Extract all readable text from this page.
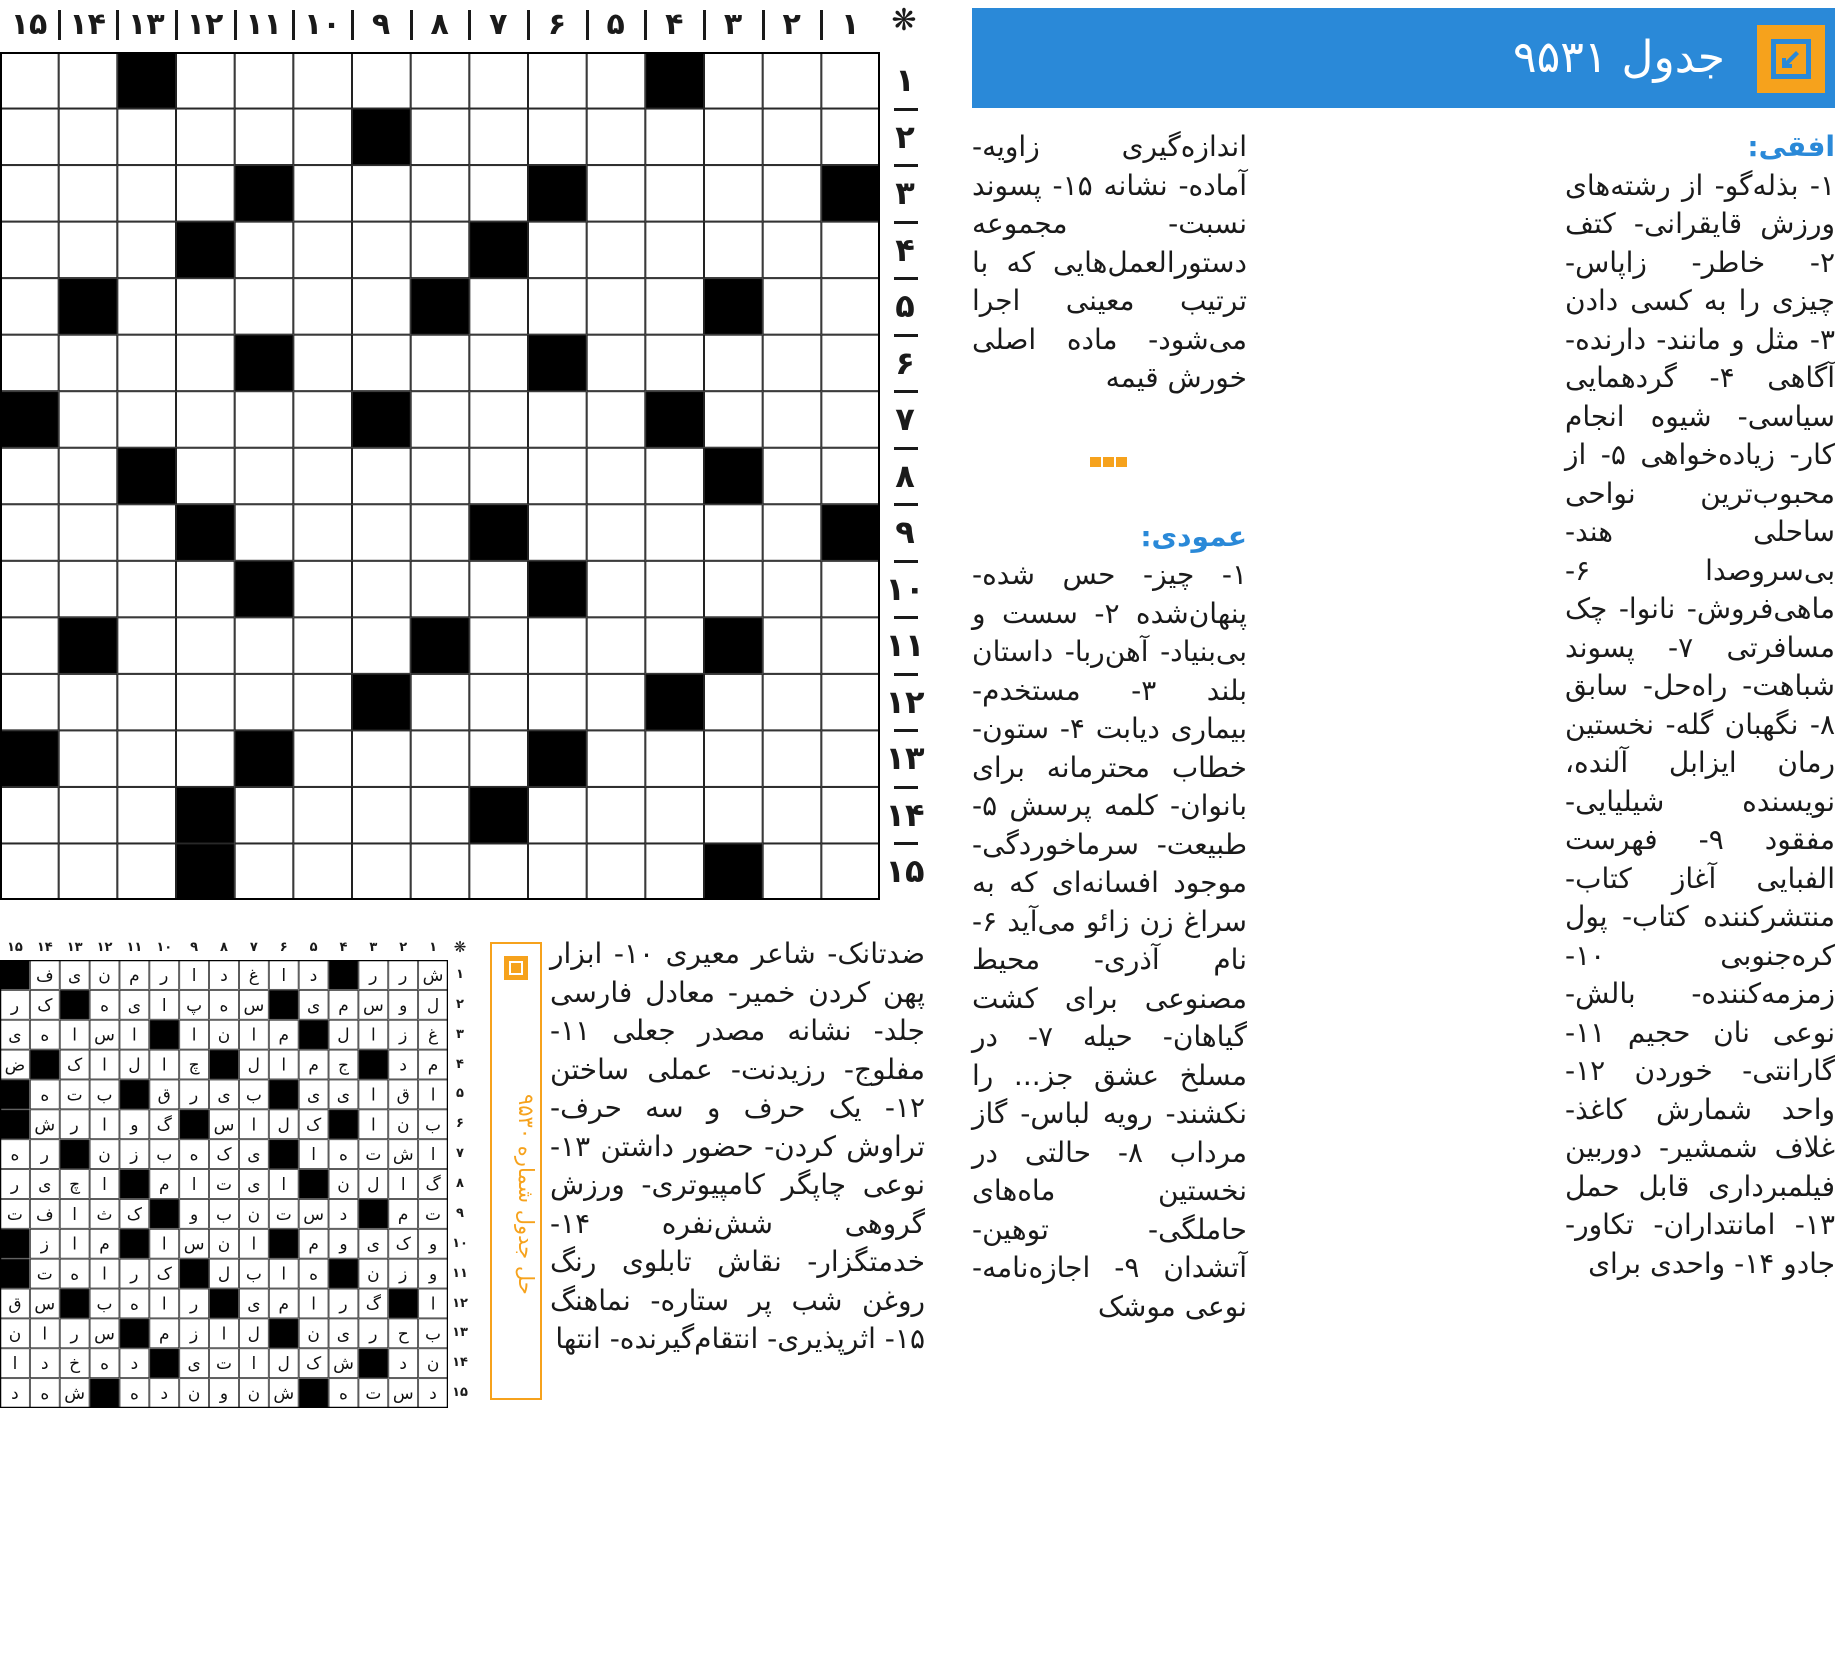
۱
۲
۳
۴
۵
۶
۷
۸
۹
۱۰
۱۱
۱۲
۱۳
۱۴
۱۵	❋
۱
۲
۳
۴
۵
۶
۷
۸
۹
۱۰
۱۱
۱۲
۱۳
۱۴
۱۵
جدول ۹۵۳۱

افقی:
۱- بذله‌گو- از رشته‌های ورزش قایقرانی- کتف ۲- خاطر- زاپاس- چیزی را به کسی دادن ۳- مثل و مانند- دارنده- آگاهی ۴- گردهمایی سیاسی- شیوه انجام کار- زیاده‌خواهی ۵- از محبوب‌ترین نواحی ساحلی هند- بی‌سروصدا ۶- ماهی‌فروش- نانوا- چک مسافرتی ۷- پسوند شباهت- راه‌حل- سابق ۸- نگهبان گله- نخستین رمان ایزابل آلنده، نویسنده شیلیایی- مفقود ۹- فهرست الفبایی آغاز کتاب- منتشرکننده کتاب- پول کره‌جنوبی ۱۰- زمزمه‌کننده- بالش- نوعی نان حجیم ۱۱- گارانتی- خوردن ۱۲- واحد شمارش کاغذ- غلاف شمشیر- دوربین فیلمبرداری قابل حمل ۱۳- امانتداران- تکاور- جادو ۱۴- واحدی برای

اندازه‌گیری زاویه- آماده- نشانه ۱۵- پسوند نسبت- مجموعه دستورالعمل‌هایی که با ترتیب معینی اجرا می‌شود- ماده اصلی خورش قیمه

عمودی:
۱- چیز- حس شده- پنهان‌شده ۲- سست و بی‌بنیاد- آهن‌ربا- داستان بلند ۳- مستخدم- بیماری دیابت ۴- ستون- خطاب محترمانه برای بانوان- کلمه پرسش ۵- طبیعت- سرماخوردگی- موجود افسانه‌ای که به سراغ زن زائو می‌آید ۶- نام آذری- محیط مصنوعی برای کشت گیاهان- حیله ۷- در مسلخ عشق جز... را نکشند- رویه لباس- گاز مرداب ۸- حالتی در نخستین ماه‌های حاملگی- توهین- آتشدان ۹- اجازه‌نامه- نوعی موشک

ضدتانک- شاعر معیری ۱۰- ابزار پهن کردن خمیر- معادل فارسی جلد- نشانه مصدر جعلی ۱۱- مفلوج- رزیدنت- عملی ساختن ۱۲- یک حرف و سه حرف- تراوش کردن- حضور داشتن ۱۳- نوعی چاپگر کامپیوتری- ورزش گروهی شش‌نفره ۱۴- خدمتگزار- نقاش تابلوی رنگ روغن شب پر ستاره- نماهنگ ۱۵- اثرپذیری- انتقام‌گیرنده- انتها

حل جدول شماره ۹۵۳۰
۱
۲
۳
۴
۵
۶
۷
۸
۹
۱۰
۱۱
۱۲
۱۳
۱۴
۱۵	❋
ش
ر
ر
د
ا
غ
د
ا
ر
م
ن
ی
ف
ل
و
س
م
ی
س
ه
پ
ا
ی
ه
ک
ر
غ
ز
ا
ل
م
ا
ن
ا
ا
س
ا
ه
ی
م
د
ج
م
ا
ل
چ
ا
ل
ا
ک
ض
ا
ق
ا
ی
ی
ب
ی
ر
ق
ب
ت
ه
ب
ن
ا
ک
ل
ا
س
گ
و
ا
ر
ش
ا
ش
ت
ه
ا
ی
ک
ه
ب
ز
ن
ر
ه
گ
ا
ل
ن
ا
ی
ت
ا
م
ا
چ
ی
ر
ت
م
د
س
ت
ن
ب
و
ک
ث
ا
ف
ت
و
ک
ی
و
م
ا
ن
س
ا
م
ا
ز
و
ز
ن
ه
ا
ب
ل
ک
ر
ا
ه
ت
ا
گ
ر
ا
م
ی
ر
ا
ه
ب
س
ق
ب
ح
ر
ی
ن
ل
ا
ز
م
س
ر
ا
ن
ن
د
ش
ک
ل
ا
ت
ی
د
ه
خ
د
ا
د
س
ت
ه
ش
ن
و
ن
د
ه
ش
ه
د
۱
۲
۳
۴
۵
۶
۷
۸
۹
۱۰
۱۱
۱۲
۱۳
۱۴
۱۵
